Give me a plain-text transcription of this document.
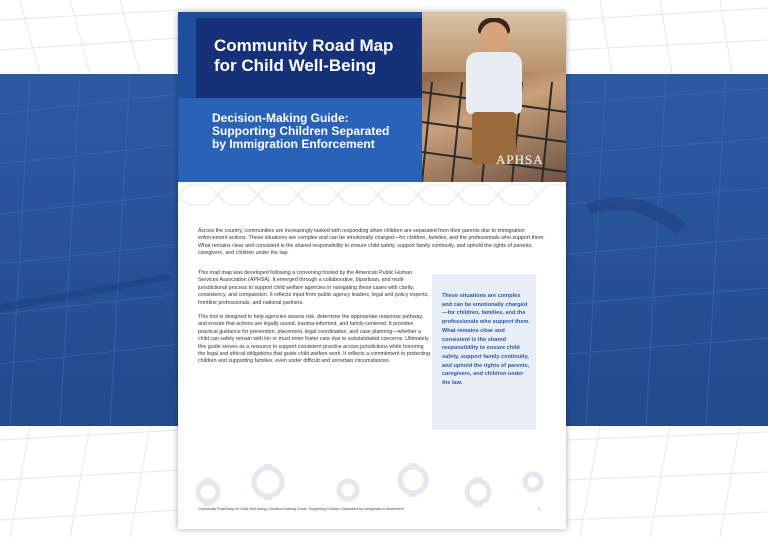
Community Road Map for Child Well-Being
Decision-Making Guide: Supporting Children Separated by Immigration Enforcement
APHSA
Across the country, communities are increasingly tasked with responding when children are separated from their parents due to immigration enforcement actions. These situations are complex and can be emotionally charged—for children, families, and the professionals who support them. What remains clear and consistent is the shared responsibility to ensure child safety, support family continuity, and uphold the rights of parents, caregivers, and children under the law.

This road map was developed following a convening hosted by the American Public Human Services Association (APHSA). It emerged through a collaborative, bipartisan, and multi-jurisdictional process to support child welfare agencies in navigating these cases with clarity, consistency, and compassion. It reflects input from public agency leaders, legal and policy experts, frontline professionals, and national partners.

This tool is designed to help agencies assess risk, determine the appropriate response pathway, and ensure that actions are legally sound, trauma-informed, and family-centered. It provides practical guidance for prevention, placement, legal coordination, and case planning—whether a child can safely remain with kin or must enter foster care due to substantiated concerns. Ultimately, this guide serves as a resource to support consistent practice across jurisdictions while honoring the legal and ethical obligations that guide child welfare work. It reflects a commitment to protecting children and supporting families, even under difficult and uncertain circumstances.

These situations are complex and can be emotionally charged—for children, families, and the professionals who support them. What remains clear and consistent is the shared responsibility to ensure child safety, support family continuity, and uphold the rights of parents, caregivers, and children under the law.
Community Road Map for Child Well-Being | Decision-Making Guide: Supporting Children Separated by Immigration Enforcement	1
